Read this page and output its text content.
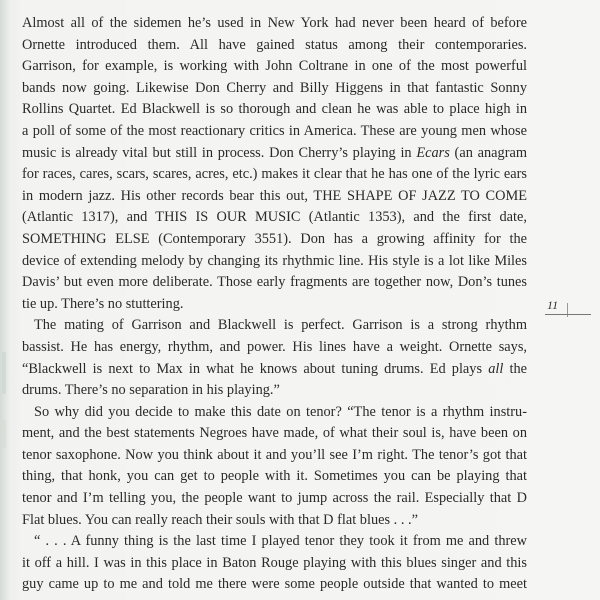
Almost all of the sidemen he’s used in New York had never been heard of before
Ornette introduced them. All have gained status among their contemporaries.
Garrison, for example, is working with John Coltrane in one of the most powerful
bands now going. Likewise Don Cherry and Billy Higgens in that fantastic Sonny
Rollins Quartet. Ed Blackwell is so thorough and clean he was able to place high in
a poll of some of the most reactionary critics in America. These are young men whose
music is already vital but still in process. Don Cherry’s playing in Ecars (an anagram
for races, cares, scars, scares, acres, etc.) makes it clear that he has one of the lyric ears
in modern jazz. His other records bear this out, THE SHAPE OF JAZZ TO COME
(Atlantic 1317), and THIS IS OUR MUSIC (Atlantic 1353), and the first date,
SOMETHING ELSE (Contemporary 3551). Don has a growing affinity for the
device of extending melody by changing its rhythmic line. His style is a lot like Miles
Davis’ but even more deliberate. Those early fragments are together now, Don’s tunes
tie up. There’s no stuttering.
The mating of Garrison and Blackwell is perfect. Garrison is a strong rhythm
bassist. He has energy, rhythm, and power. His lines have a weight. Ornette says,
“Blackwell is next to Max in what he knows about tuning drums. Ed plays all the
drums. There’s no separation in his playing.”
So why did you decide to make this date on tenor? “The tenor is a rhythm instru-
ment, and the best statements Negroes have made, of what their soul is, have been on
tenor saxophone. Now you think about it and you’ll see I’m right. The tenor’s got that
thing, that honk, you can get to people with it. Sometimes you can be playing that
tenor and I’m telling you, the people want to jump across the rail. Especially that D
Flat blues. You can really reach their souls with that D flat blues . . .”
“ . . . A funny thing is the last time I played tenor they took it from me and threw
it off a hill. I was in this place in Baton Rouge playing with this blues singer and this
guy came up to me and told me there were some people outside that wanted to meet
11
